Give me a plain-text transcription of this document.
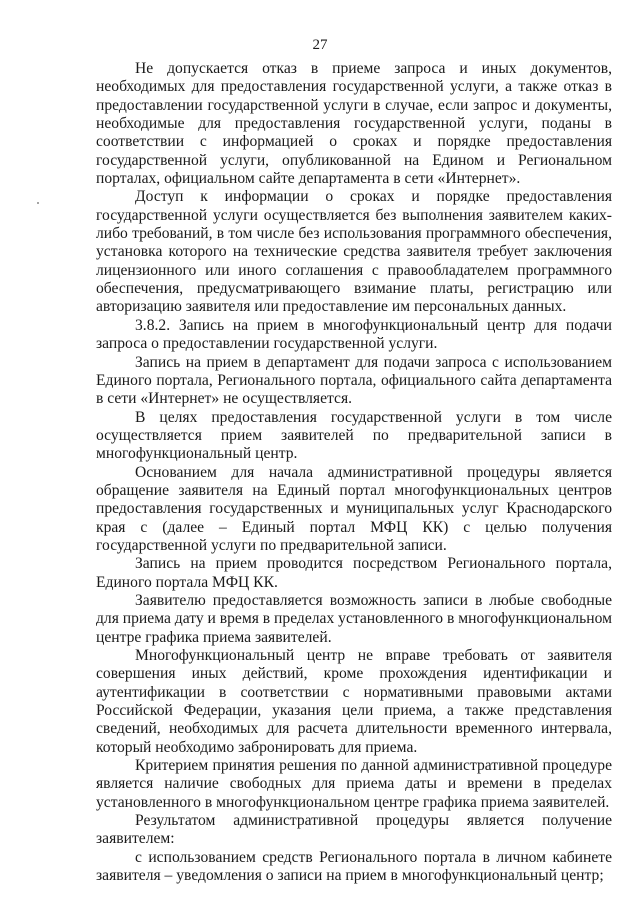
27

Не допускается отказ в приеме запроса и иных документов, необходимых для предоставления государственной услуги, а также отказ в предоставлении государственной услуги в случае, если запрос и документы, необходимые для предоставления государственной услуги, поданы в соответствии с информацией о сроках и порядке предоставления государственной услуги, опубликованной на Едином и Региональном порталах, официальном сайте департамента в сети «Интернет».

Доступ к информации о сроках и порядке предоставления государственной услуги осуществляется без выполнения заявителем каких-либо требований, в том числе без использования программного обеспечения, установка которого на технические средства заявителя требует заключения лицензионного или иного соглашения с правообладателем программного обеспечения, предусматривающего взимание платы, регистрацию или авторизацию заявителя или предоставление им персональных данных.

3.8.2. Запись на прием в многофункциональный центр для подачи запроса о предоставлении государственной услуги.

Запись на прием в департамент для подачи запроса с использованием Единого портала, Регионального портала, официального сайта департамента в сети «Интернет» не осуществляется.

В целях предоставления государственной услуги в том числе осуществляется прием заявителей по предварительной записи в многофункциональный центр.

Основанием для начала административной процедуры является обращение заявителя на Единый портал многофункциональных центров предоставления государственных и муниципальных услуг Краснодарского края с (далее – Единый портал МФЦ КК) с целью получения государственной услуги по предварительной записи.

Запись на прием проводится посредством Регионального портала, Единого портала МФЦ КК.

Заявителю предоставляется возможность записи в любые свободные для приема дату и время в пределах установленного в многофункциональном центре графика приема заявителей.

Многофункциональный центр не вправе требовать от заявителя совершения иных действий, кроме прохождения идентификации и аутентификации в соответствии с нормативными правовыми актами Российской Федерации, указания цели приема, а также представления сведений, необходимых для расчета длительности временного интервала, который необходимо забронировать для приема.

Критерием принятия решения по данной административной процедуре является наличие свободных для приема даты и времени в пределах установленного в многофункциональном центре графика приема заявителей.

Результатом административной процедуры является получение заявителем:

с использованием средств Регионального портала в личном кабинете заявителя – уведомления о записи на прием в многофункциональный центр;
